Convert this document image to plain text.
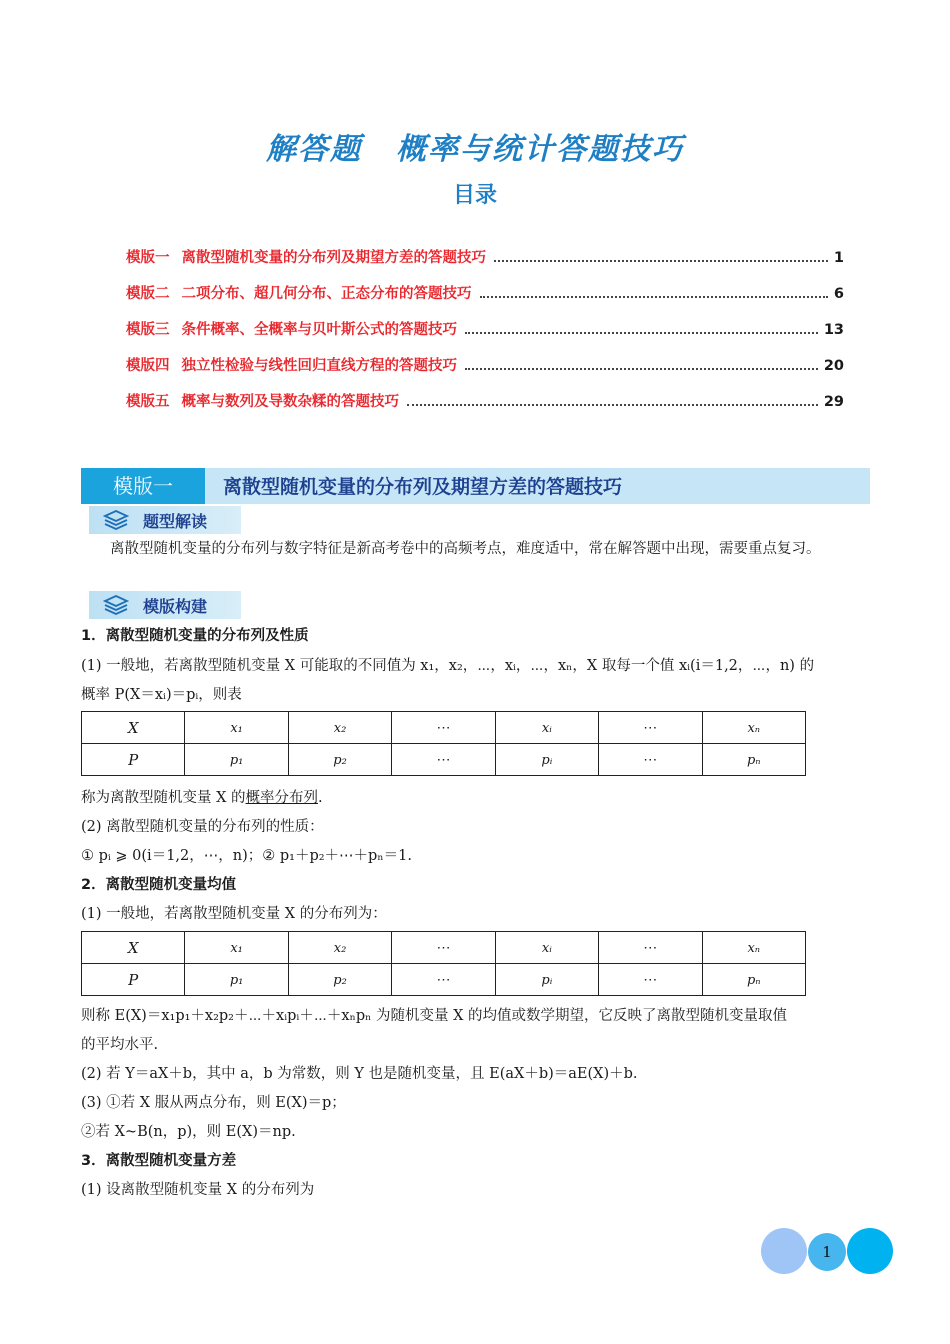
解答题 概率与统计答题技巧
目录
模版一 离散型随机变量的分布列及期望方差的答题技巧	1
模版二 二项分布、超几何分布、正态分布的答题技巧	6
模版三 条件概率、全概率与贝叶斯公式的答题技巧	13
模版四 独立性检验与线性回归直线方程的答题技巧	20
模版五 概率与数列及导数杂糅的答题技巧	29
模版一	离散型随机变量的分布列及期望方差的答题技巧
题型解读
离散型随机变量的分布列与数字特征是新高考卷中的高频考点，难度适中，常在解答题中出现，需要重点复习。
模版构建
1．离散型随机变量的分布列及性质
(1) 一般地，若离散型随机变量 X 可能取的不同值为 x₁，x₂，⋯，xᵢ，⋯，xₙ，X 取每一个值 xᵢ(i＝1,2，⋯，n) 的
概率 P(X＝xᵢ)＝pᵢ，则表
X	x₁	x₂	⋯	xᵢ	⋯	xₙ
P	p₁	p₂	⋯	pᵢ	⋯	pₙ
称为离散型随机变量 X 的概率分布列.
(2) 离散型随机变量的分布列的性质：
① pᵢ ⩾ 0(i＝1,2，⋯，n)；② p₁＋p₂＋⋯＋pₙ＝1.
2．离散型随机变量均值
(1) 一般地，若离散型随机变量 X 的分布列为：
X	x₁	x₂	⋯	xᵢ	⋯	xₙ
P	p₁	p₂	⋯	pᵢ	⋯	pₙ
则称 E(X)＝x₁p₁＋x₂p₂＋⋯＋xᵢpᵢ＋⋯＋xₙpₙ 为随机变量 X 的均值或数学期望，它反映了离散型随机变量取值
的平均水平.
(2) 若 Y＝aX＋b，其中 a，b 为常数，则 Y 也是随机变量，且 E(aX＋b)＝aE(X)＋b.
(3) ①若 X 服从两点分布，则 E(X)＝p；
②若 X~B(n，p)，则 E(X)＝np.
3．离散型随机变量方差
(1) 设离散型随机变量 X 的分布列为
1
